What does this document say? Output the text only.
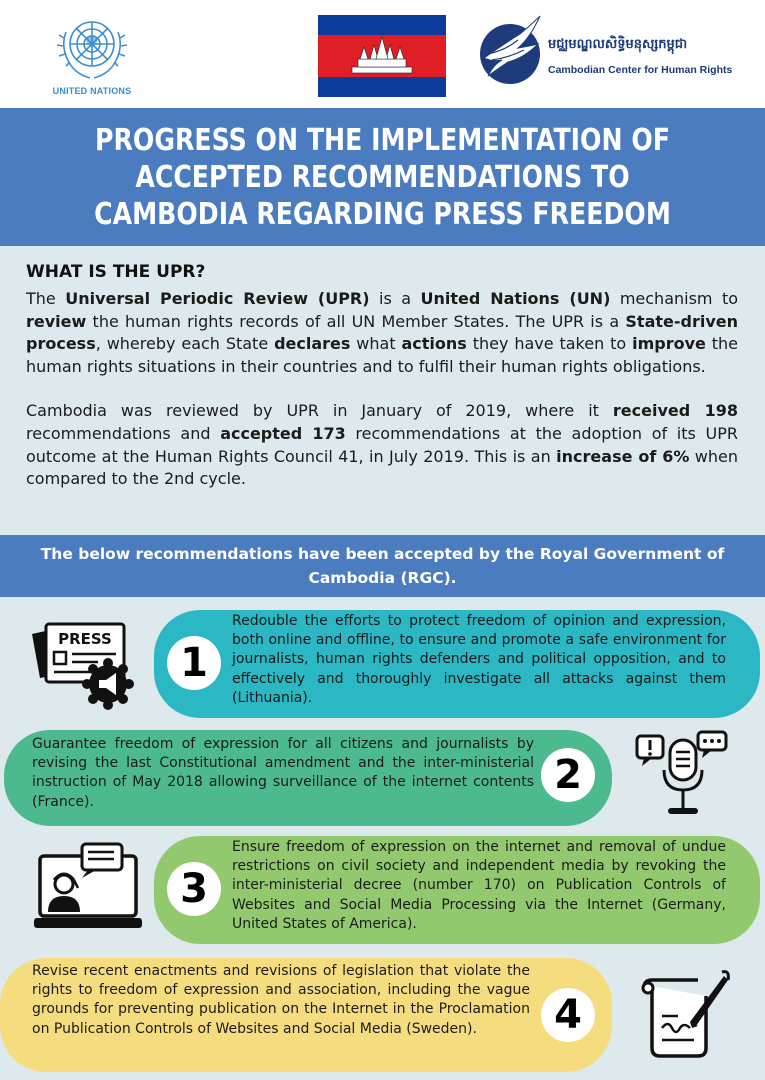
UNITED NATIONS
មជ្ឈមណ្ឌលសិទ្ធិមនុស្សកម្ពុជា
Cambodian Center for Human Rights
PROGRESS ON THE IMPLEMENTATION OF ACCEPTED RECOMMENDATIONS TO CAMBODIA REGARDING PRESS FREEDOM
WHAT IS THE UPR?

The Universal Periodic Review (UPR) is a United Nations (UN) mechanism to review the human rights records of all UN Member States. The UPR is a State-driven process, whereby each State declares what actions they have taken to improve the human rights situations in their countries and to fulfil their human rights obligations.

Cambodia was reviewed by UPR in January of 2019, where it received 198 recommendations and accepted 173 recommendations at the adoption of its UPR outcome at the Human Rights Council 41, in July 2019. This is an increase of 6% when compared to the 2nd cycle.

The below recommendations have been accepted by the Royal Government of Cambodia (RGC).
1
Redouble the efforts to protect freedom of opinion and expression, both online and offline, to ensure and promote a safe environment for journalists, human rights defenders and political opposition, and to effectively and thoroughly investigate all attacks against them (Lithuania).
PRESS
2
Guarantee freedom of expression for all citizens and journalists by revising the last Constitutional amendment and the inter-ministerial instruction of May 2018 allowing surveillance of the internet contents (France).
3
Ensure freedom of expression on the internet and removal of undue restrictions on civil society and independent media by revoking the inter-ministerial decree (number 170) on Publication Controls of Websites and Social Media Processing via the Internet (Germany, United States of America).
4
Revise recent enactments and revisions of legislation that violate the rights to freedom of expression and association, including the vague grounds for preventing publication on the Internet in the Proclamation on Publication Controls of Websites and Social Media (Sweden).
